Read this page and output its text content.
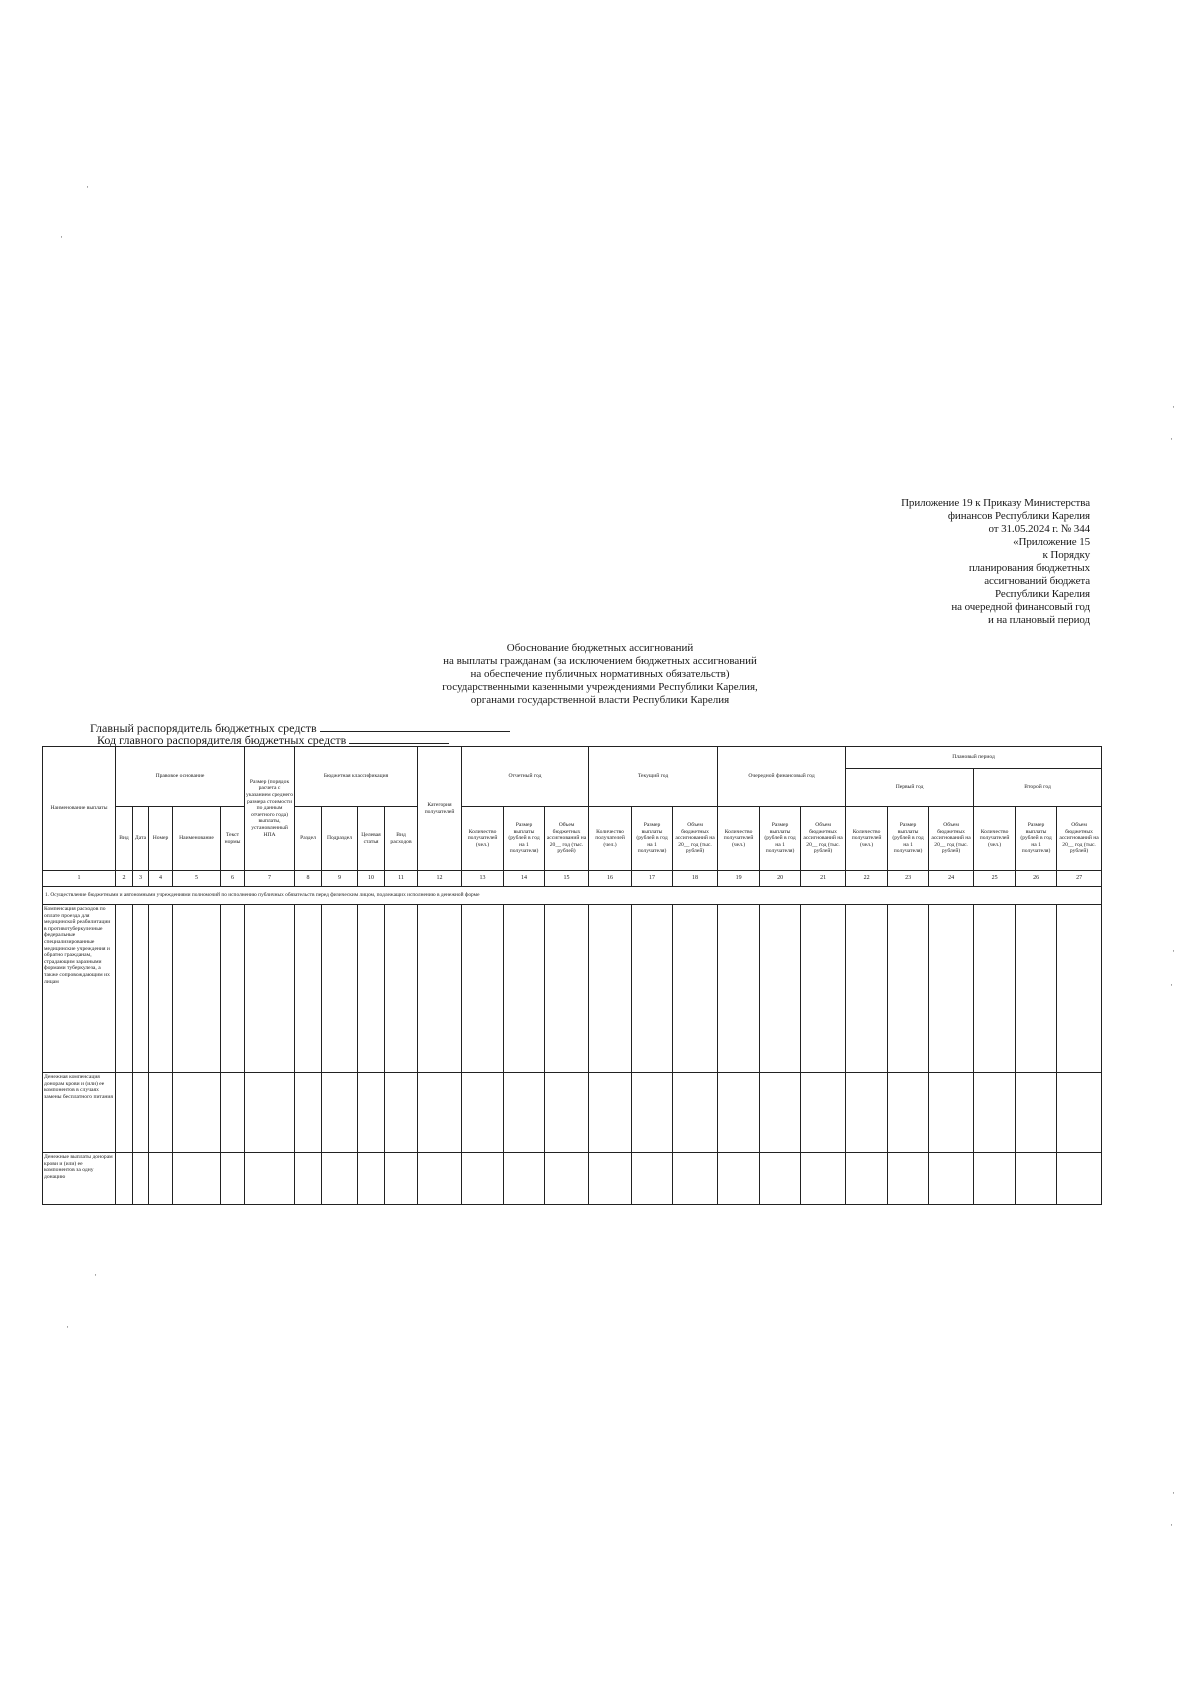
Приложение 19 к Приказу Министерства
финансов Республики Карелия
от 31.05.2024 г. № 344
«Приложение 15
к Порядку
планирования бюджетных
ассигнований бюджета
Республики Карелия
на очередной финансовый год
и на плановый период
Обоснование бюджетных ассигнований
на выплаты гражданам (за исключением бюджетных ассигнований
на обеспечение публичных нормативных обязательств)
государственными казенными учреждениями Республики Карелия,
органами государственной власти Республики Карелия
Главный распорядитель бюджетных средств
Код главного распорядителя бюджетных средств
Наименование выплаты	Правовое основание					Размер (порядок расчета с указанием среднего размера стоимости по данным отчетного года) выплаты, установленный НПА	Бюджетная классификация				Категория получателей	Отчетный год			Текущий год			Очередной финансовый год			Плановый период					
																					Первый год			Второй год		
	Вид	Дата	Номер	Наименование	Текст нормы		Раздел	Подраздел	Целевая статья	Вид расходов		Количество получателей (чел.)	Размер выплаты (рублей в год на 1 получателя)	Объем бюджетных ассигнований на 20__ год (тыс. рублей)	Количество получателей (чел.)	Размер выплаты (рублей в год на 1 получателя)	Объем бюджетных ассигнований на 20__ год (тыс. рублей)	Количество получателей (чел.)	Размер выплаты (рублей в год на 1 получателя)	Объем бюджетных ассигнований на 20__ год (тыс. рублей)	Количество получателей (чел.)	Размер выплаты (рублей в год на 1 получателя)	Объем бюджетных ассигнований на 20__ год (тыс. рублей)	Количество получателей (чел.)	Размер выплаты (рублей в год на 1 получателя)	Объем бюджетных ассигнований на 20__ год (тыс. рублей)
1	2	3	4	5	6	7	8	9	10	11	12	13	14	15	16	17	18	19	20	21	22	23	24	25	26	27
1. Осуществление бюджетными и автономными учреждениями полномочий по исполнению публичных обязательств перед физическим лицом, подлежащих исполнению в денежной форме																										
Компенсация расходов по оплате проезда для медицинской реабилитации в противотуберкулезные федеральные специализированные медицинские учреждения и обратно гражданам, страдающим заразными формами туберкулеза, а также сопровождающим их лицам																										
Денежная компенсация донорам крови и (или) ее компонентов в случаях замены бесплатного питания																										
Денежные выплаты донорам крови и (или) ее компонентов за одну донацию																										
·
·
·
·
·
·
·
·
·
·
